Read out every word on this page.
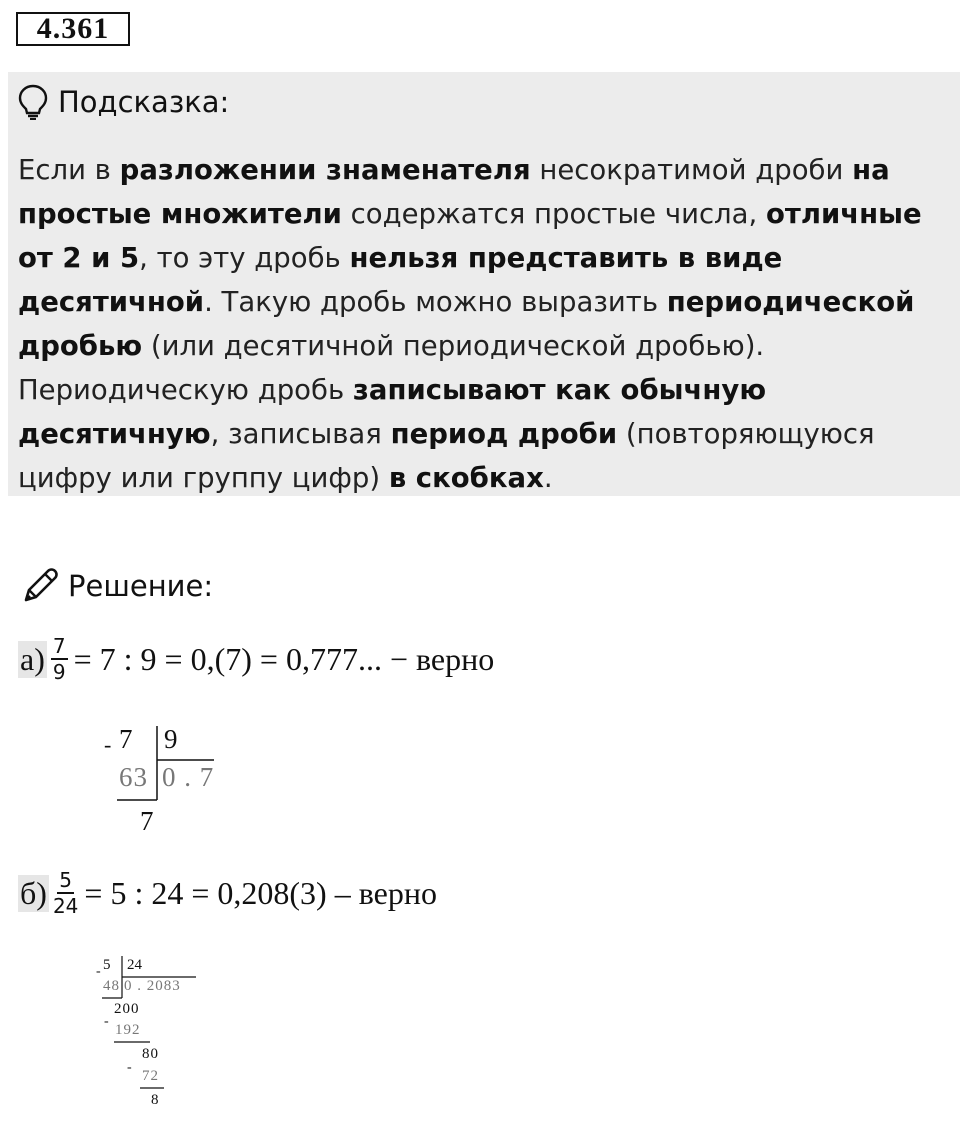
4.361
Подсказка:
Если в разложении знаменателя несократимой дроби на простые множители содержатся простые числа, отличные от 2 и 5, то эту дробь нельзя представить в виде десятичной. Такую дробь можно выразить периодической дробью (или десятичной периодической дробью). Периодическую дробь записывают как обычную десятичную, записывая период дроби (повторяющуюся цифру или группу цифр) в скобках.
Решение:
$а) \frac{7}{9} = 7$ : 9 = 0,(7) = 0,777... − верно
- 7 9
63 0 . 7
7
$б) \frac{5}{24} = 5$ : 24 = 0,208(3) – верно
- 5 24
48 0 . 2083
200
-
192
80
-
72
8
